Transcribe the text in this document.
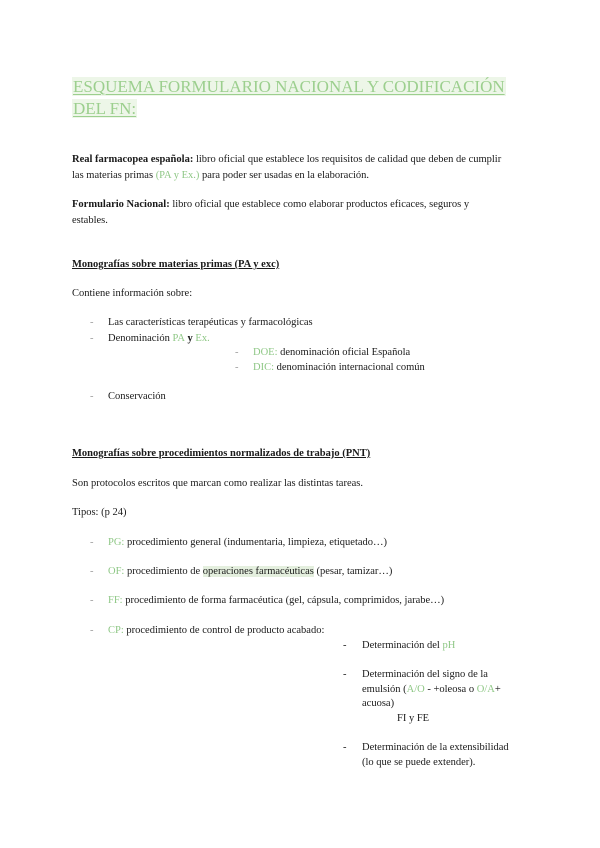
ESQUEMA FORMULARIO NACIONAL Y CODIFICACIÓN
DEL FN:
Real farmacopea española: libro oficial que establece los requisitos de calidad que deben de cumplir
las materias primas (PA y Ex.) para poder ser usadas en la elaboración.
Formulario Nacional: libro oficial que establece como elaborar productos eficaces, seguros y
estables.
Monografías sobre materias primas (PA y exc)
Contiene información sobre:
- Las características terapéuticas y farmacológicas
- Denominación PA y Ex.
- DOE: denominación oficial Española
- DIC: denominación internacional común
- Conservación
Monografías sobre procedimientos normalizados de trabajo (PNT)
Son protocolos escritos que marcan como realizar las distintas tareas.
Tipos: (p 24)
- PG: procedimiento general (indumentaria, limpieza, etiquetado…)
- OF: procedimiento de operaciones farmacéuticas (pesar, tamizar…)
- FF: procedimiento de forma farmacéutica (gel, cápsula, comprimidos, jarabe…)
- CP: procedimiento de control de producto acabado:
- Determinación del pH
- Determinación del signo de la
emulsión (A/O - +oleosa o O/A+
acuosa)
FI y FE
- Determinación de la extensibilidad
(lo que se puede extender).
